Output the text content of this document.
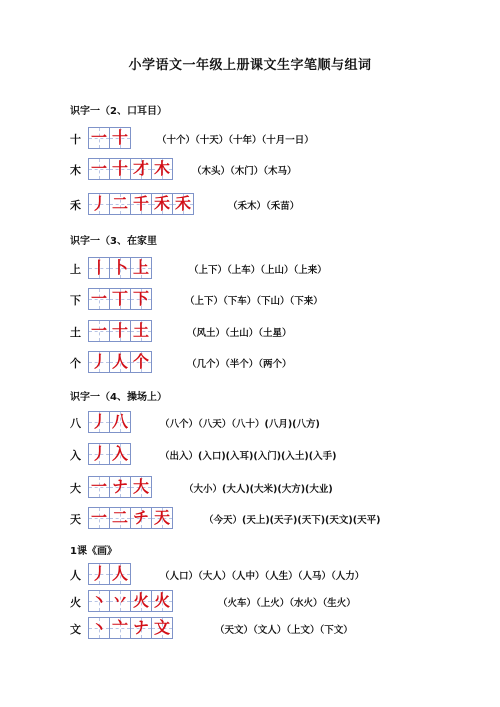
小学语文一年级上册课文生字笔顺与组词
识字一（2、口耳目）
十 一 十	（十个）（十天）（十年）（十月一日）
木 一 十 才 木 （木头）（木门）（木马）
禾 丿 二 千 禾 禾	（禾木）（禾苗）
识字一（3、在家里
上 丨 卜 上	（上下）（上车）（上山）（上来）
下 一 丅 下	（上下）（下车）（下山）（下来）
土 一 十 土	（风土）（土山）（土星）
个 丿 人 个	（几个）（半个）（两个）
识字一（4、操场上）
八 丿 八	（八个）（八天）（八十）(八月)(八方)
入 丿 入	（出入）(入口)(入耳)(入门)(入土)(入手)
大 一 ナ 大	（大小）(大人)(大米)(大方)(大业)
天 一 二 チ 天	（今天）(天上)(天子)(天下)(天文)(天平)
1课《画》
人 丿 人	（人口）（大人）（人中）（人生）（人马）（人力）
火 丶 丷 火 火	（火车）（上火）（水火）（生火）
文 丶 亠 ナ 文	（天文）（文人）（上文）（下文）
